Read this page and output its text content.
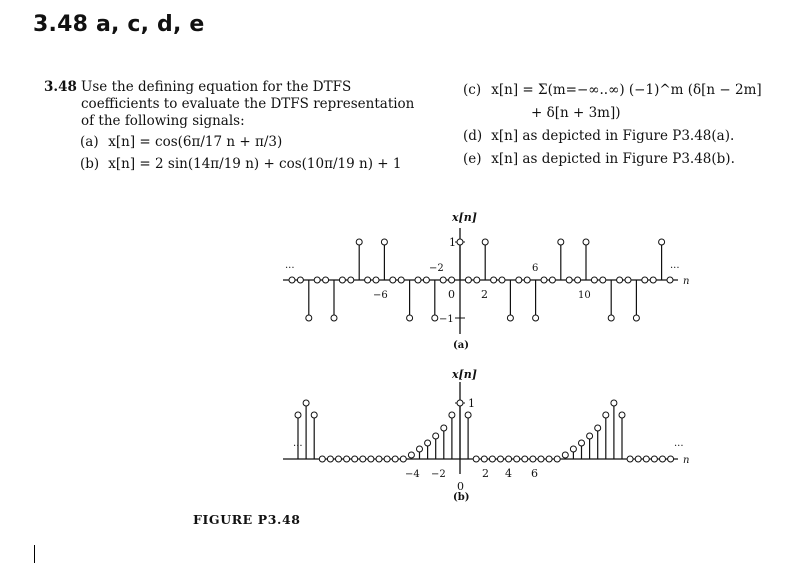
3.48 a, c, d, e
3.48 Use the defining equation for the DTFS coefficients to evaluate the DTFS representation of the following signals:
(a) x[n] = cos(6π/17 n + π/3)
(b) x[n] = 2 sin(14π/19 n) + cos(10π/19 n) + 1
(c) x[n] = Σ(m=−∞..∞) (−1)^m (δ[n − 2m]
+ δ[n + 3m])
(d) x[n] as depicted in Figure P3.48(a).
(e) x[n] as depicted in Figure P3.48(b).
x[n]
n
...	...
1
−1
−2
−6	0 2
6
10
(a)
x[n]
n
...	...
1
−4 −2
0
2 4 6
(b)
FIGURE P3.48
